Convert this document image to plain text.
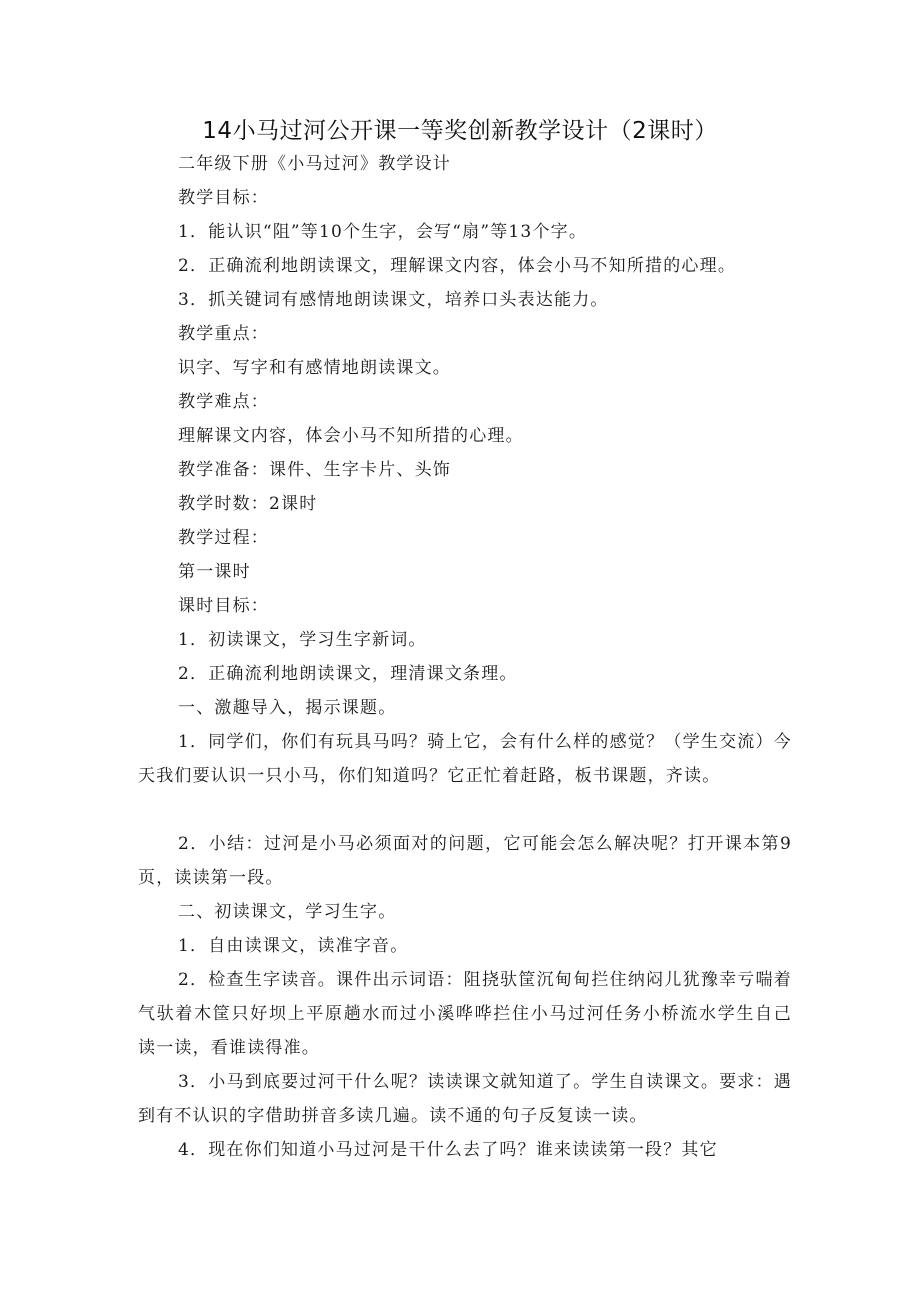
14小马过河公开课一等奖创新教学设计（2课时）
二年级下册《小马过河》教学设计
教学目标：
1．能认识“阻”等10个生字，会写“扇”等13个字。
2．正确流利地朗读课文，理解课文内容，体会小马不知所措的心理。
3．抓关键词有感情地朗读课文，培养口头表达能力。
教学重点：
识字、写字和有感情地朗读课文。
教学难点：
理解课文内容，体会小马不知所措的心理。
教学准备：课件、生字卡片、头饰
教学时数：2课时
教学过程：
第一课时
课时目标：
1．初读课文，学习生字新词。
2．正确流利地朗读课文，理清课文条理。
一、激趣导入，揭示课题。
1．同学们，你们有玩具马吗？骑上它，会有什么样的感觉？（学生交流）今天我们要认识一只小马，你们知道吗？它正忙着赶路，板书课题，齐读。
2．小结：过河是小马必须面对的问题，它可能会怎么解决呢？打开课本第9页，读读第一段。
二、初读课文，学习生字。
1．自由读课文，读准字音。
2．检查生字读音。课件出示词语：阻挠驮筐沉甸甸拦住纳闷儿犹豫幸亏喘着气驮着木筐只好坝上平原趟水而过小溪哗哗拦住小马过河任务小桥流水学生自己读一读，看谁读得准。
3．小马到底要过河干什么呢？读读课文就知道了。学生自读课文。要求：遇到有不认识的字借助拼音多读几遍。读不通的句子反复读一读。
4．现在你们知道小马过河是干什么去了吗？谁来读读第一段？其它
